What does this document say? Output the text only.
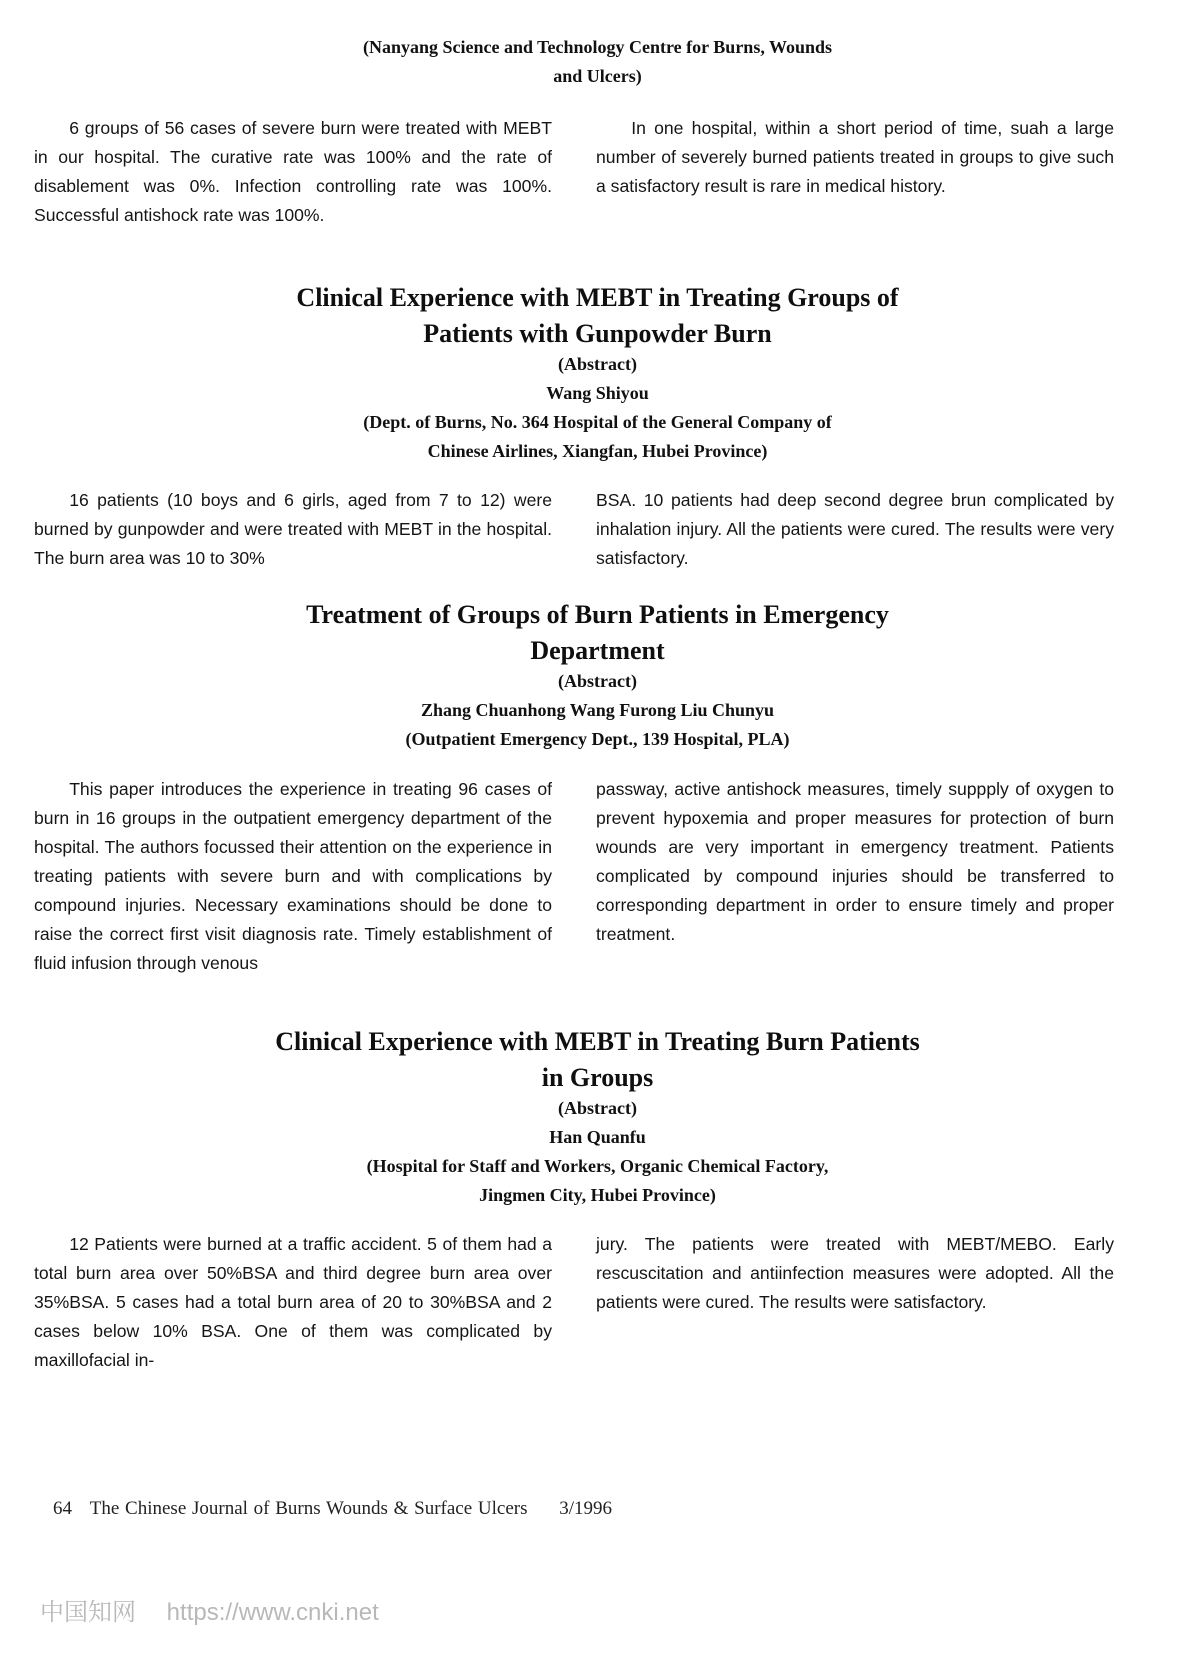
(Nanyang Science and Technology Centre for Burns, Wounds
and Ulcers)

6 groups of 56 cases of severe burn were treated with MEBT in our hospital. The curative rate was 100% and the rate of disablement was 0%. Infection controlling rate was 100%. Successful antishock rate was 100%.

In one hospital, within a short period of time, suah a large number of severely burned patients treated in groups to give such a satisfactory result is rare in medical history.

Clinical Experience with MEBT in Treating Groups of
Patients with Gunpowder Burn
(Abstract)
Wang Shiyou
(Dept. of Burns, No. 364 Hospital of the General Company of
Chinese Airlines, Xiangfan, Hubei Province)

16 patients (10 boys and 6 girls, aged from 7 to 12) were burned by gunpowder and were treated with MEBT in the hospital. The burn area was 10 to 30%

BSA. 10 patients had deep second degree brun complicated by inhalation injury. All the patients were cured. The results were very satisfactory.

Treatment of Groups of Burn Patients in Emergency
Department
(Abstract)
Zhang Chuanhong Wang Furong Liu Chunyu
(Outpatient Emergency Dept., 139 Hospital, PLA)

This paper introduces the experience in treating 96 cases of burn in 16 groups in the outpatient emergency department of the hospital. The authors focussed their attention on the experience in treating patients with severe burn and with complications by compound injuries. Necessary examinations should be done to raise the correct first visit diagnosis rate. Timely establishment of fluid infusion through venous

passway, active antishock measures, timely suppply of oxygen to prevent hypoxemia and proper measures for protection of burn wounds are very important in emergency treatment. Patients complicated by compound injuries should be transferred to corresponding department in order to ensure timely and proper treatment.

Clinical Experience with MEBT in Treating Burn Patients
in Groups
(Abstract)
Han Quanfu
(Hospital for Staff and Workers, Organic Chemical Factory,
Jingmen City, Hubei Province)

12 Patients were burned at a traffic accident. 5 of them had a total burn area over 50%BSA and third degree burn area over 35%BSA. 5 cases had a total burn area of 20 to 30%BSA and 2 cases below 10% BSA. One of them was complicated by maxillofacial in-

jury. The patients were treated with MEBT/MEBO. Early rescuscitation and antiinfection measures were adopted. All the patients were cured. The results were satisfactory.

64 The Chinese Journal of Burns Wounds & Surface Ulcers 3/1996
中国知网 https://www.cnki.net
